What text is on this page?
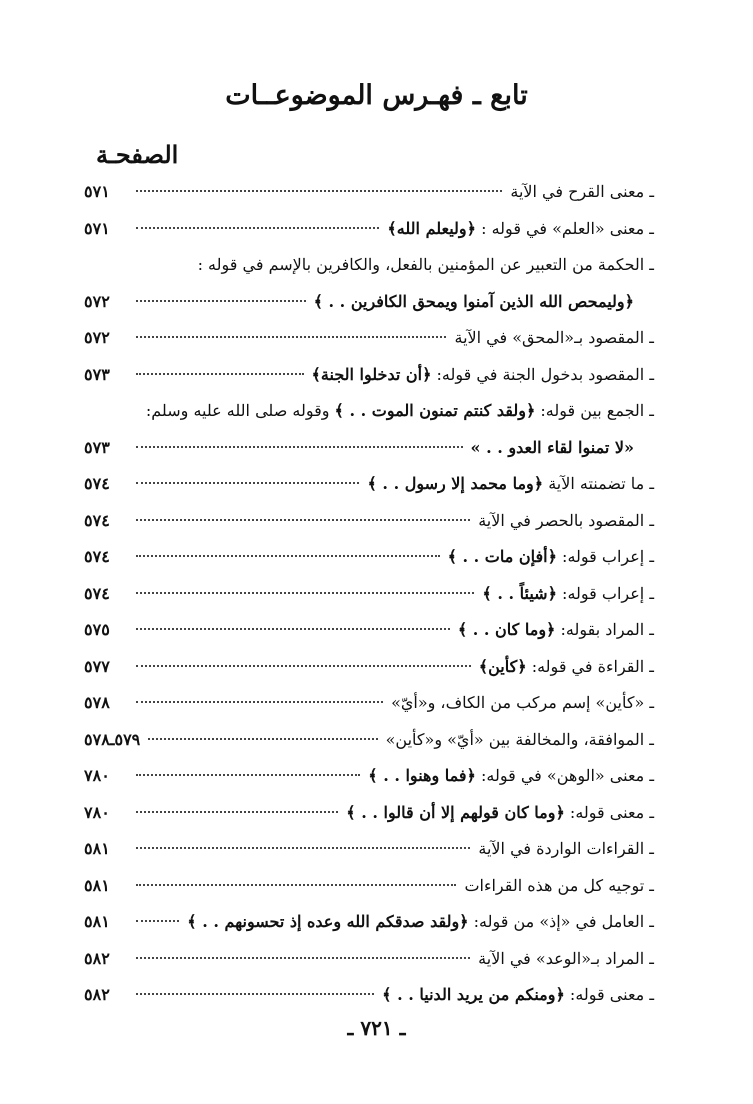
تابع ـ فهـرس الموضوعــات
الصفحـة
ـ معنى القرح في الآية
٥٧١
ـ معنى «العلم» في قوله : ﴿وليعلم الله﴾
٥٧١
ـ الحكمة من التعبير عن المؤمنين بالفعل، والكافرين بالإسم في قوله :
﴿وليمحص الله الذين آمنوا ويمحق الكافرين . . ﴾
٥٧٢
ـ المقصود بـ«المحق» في الآية
٥٧٢
ـ المقصود بدخول الجنة في قوله: ﴿أن تدخلوا الجنة﴾
٥٧٣
ـ الجمع بين قوله: ﴿ولقد كنتم تمنون الموت . . ﴾ وقوله صلى الله عليه وسلم:
«لا تمنوا لقاء العدو . . »
٥٧٣
ـ ما تضمنته الآية ﴿وما محمد إلا رسول . . ﴾
٥٧٤
ـ المقصود بالحصر في الآية
٥٧٤
ـ إعراب قوله: ﴿أفإن مات . . ﴾
٥٧٤
ـ إعراب قوله: ﴿شيئاً . . ﴾
٥٧٤
ـ المراد بقوله: ﴿وما كان . . ﴾
٥٧٥
ـ القراءة في قوله: ﴿كأين﴾
٥٧٧
ـ «كأين» إسم مركب من الكاف، و«أيّ»
٥٧٨
ـ الموافقة، والمخالفة بين «أيّ» و«كأين»
٥٧٩ـ٥٧٨
ـ معنى «الوهن» في قوله: ﴿فما وهنوا . . ﴾
٧٨٠
ـ معنى قوله: ﴿وما كان قولهم إلا أن قالوا . . ﴾
٧٨٠
ـ القراءات الواردة في الآية
٥٨١
ـ توجيه كل من هذه القراءات
٥٨١
ـ العامل في «إذ» من قوله: ﴿ولقد صدقكم الله وعده إذ تحسونهم . . ﴾
٥٨١
ـ المراد بـ«الوعد» في الآية
٥٨٢
ـ معنى قوله: ﴿ومنكم من يريد الدنيا . . ﴾
٥٨٢
ـ ٧٢١ ـ
